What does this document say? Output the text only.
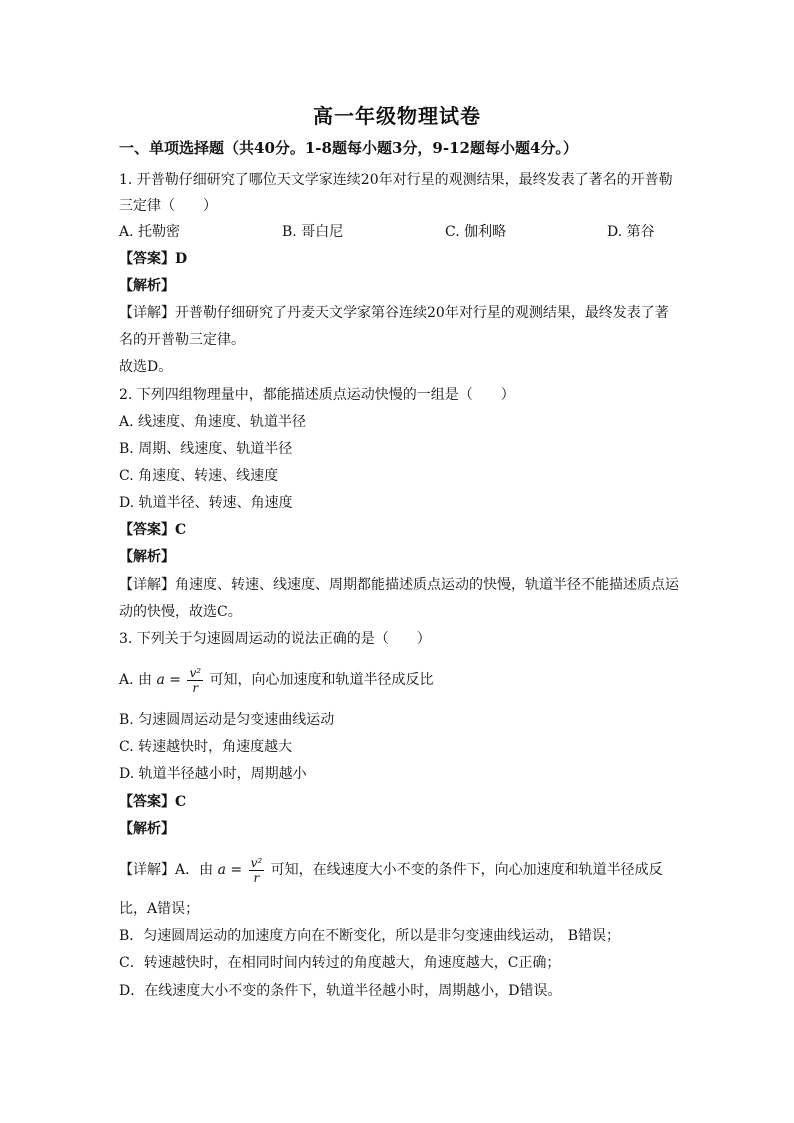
高一年级物理试卷
一、单项选择题（共40分。1-8题每小题3分，9-12题每小题4分。）
1. 开普勒仔细研究了哪位天文学家连续20年对行星的观测结果，最终发表了著名的开普勒
三定律（　　）
A. 托勒密	B. 哥白尼	C. 伽利略	D. 第谷
【答案】D
【解析】
【详解】开普勒仔细研究了丹麦天文学家第谷连续20年对行星的观测结果，最终发表了著
名的开普勒三定律。
故选D。
2. 下列四组物理量中，都能描述质点运动快慢的一组是（　　）
A. 线速度、角速度、轨道半径
B. 周期、线速度、轨道半径
C. 角速度、转速、线速度
D. 轨道半径、转速、角速度
【答案】C
【解析】
【详解】角速度、转速、线速度、周期都能描述质点运动的快慢，轨道半径不能描述质点运
动的快慢，故选C。
3. 下列关于匀速圆周运动的说法正确的是（　　）
A. 由 $a = \frac{\text{v²}}{r}$ 可知，向心加速度和轨道半径成反比
B. 匀速圆周运动是匀变速曲线运动
C. 转速越快时，角速度越大
D. 轨道半径越小时，周期越小
【答案】C
【解析】
【详解】A．由 $a = \frac{\text{v²}}{r}$ 可知，在线速度大小不变的条件下，向心加速度和轨道半径成反
比，A错误；
B．匀速圆周运动的加速度方向在不断变化，所以是非匀变速曲线运动， B错误；
C．转速越快时，在相同时间内转过的角度越大，角速度越大，C正确；
D．在线速度大小不变的条件下，轨道半径越小时，周期越小，D错误。
